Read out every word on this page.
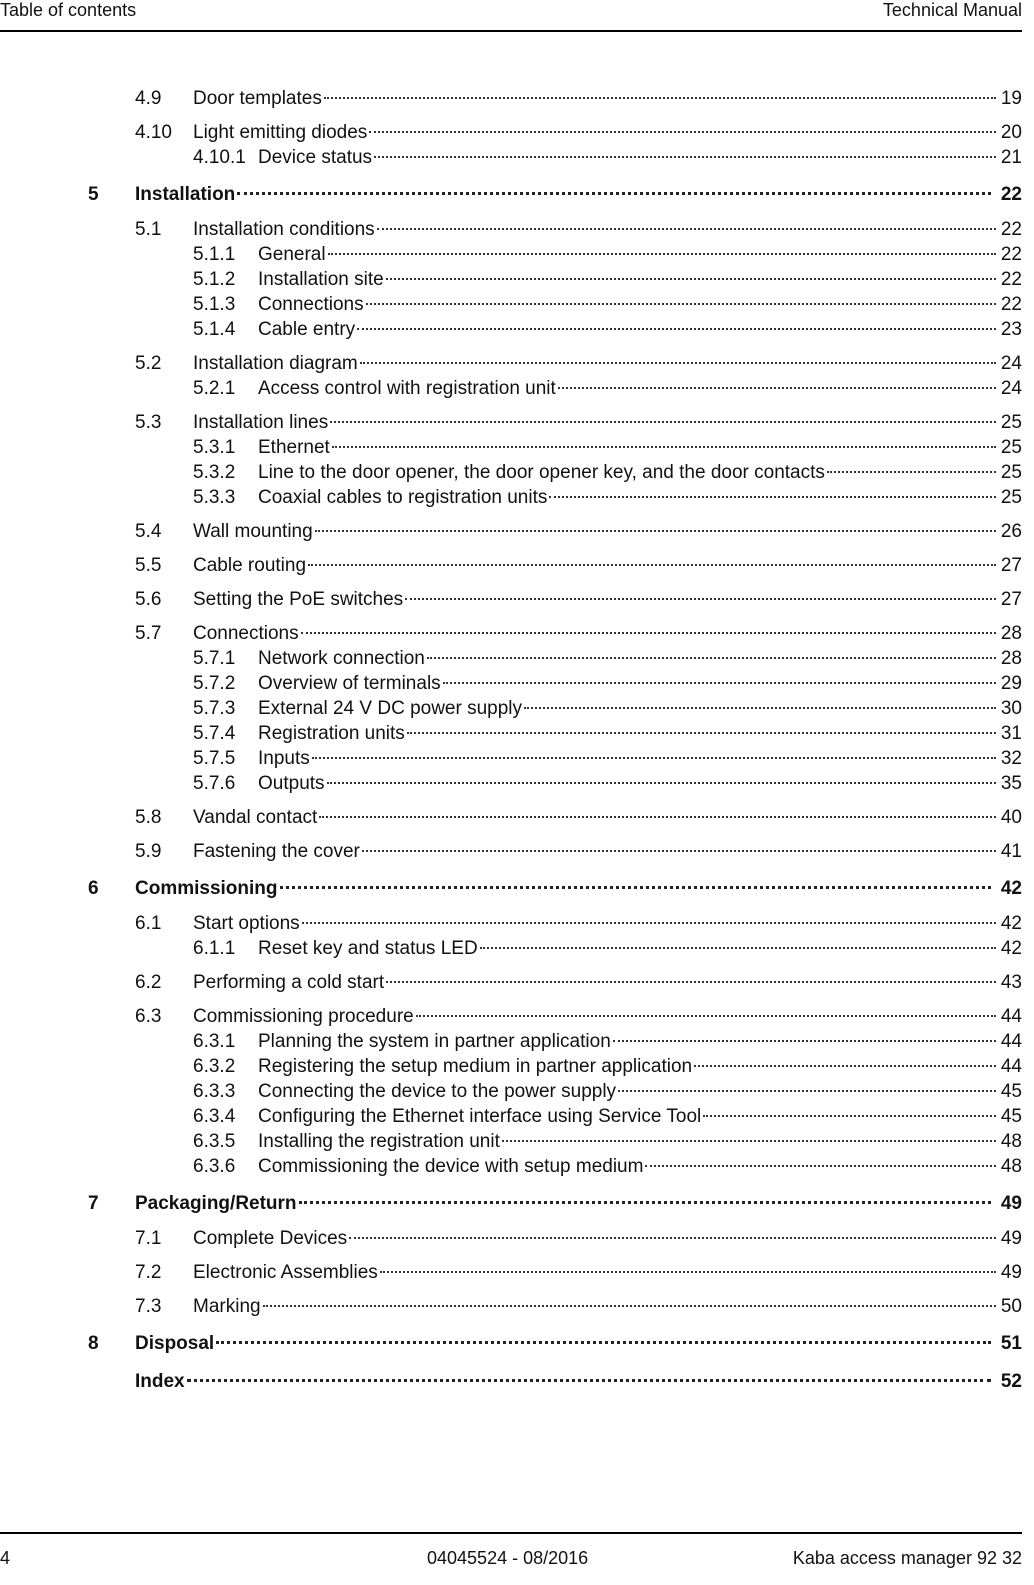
Table of contents	Technical Manual
4.9 Door templates	19
4.10 Light emitting diodes	20
4.10.1 Device status	21
5 Installation	22
5.1 Installation conditions	22
5.1.1 General	22
5.1.2 Installation site	22
5.1.3 Connections	22
5.1.4 Cable entry	23
5.2 Installation diagram	24
5.2.1 Access control with registration unit	24
5.3 Installation lines	25
5.3.1 Ethernet	25
5.3.2 Line to the door opener, the door opener key, and the door contacts	25
5.3.3 Coaxial cables to registration units	25
5.4 Wall mounting	26
5.5 Cable routing	27
5.6 Setting the PoE switches	27
5.7 Connections	28
5.7.1 Network connection	28
5.7.2 Overview of terminals	29
5.7.3 External 24 V DC power supply	30
5.7.4 Registration units	31
5.7.5 Inputs	32
5.7.6 Outputs	35
5.8 Vandal contact	40
5.9 Fastening the cover	41
6 Commissioning	42
6.1 Start options	42
6.1.1 Reset key and status LED	42
6.2 Performing a cold start	43
6.3 Commissioning procedure	44
6.3.1 Planning the system in partner application	44
6.3.2 Registering the setup medium in partner application	44
6.3.3 Connecting the device to the power supply	45
6.3.4 Configuring the Ethernet interface using Service Tool	45
6.3.5 Installing the registration unit	48
6.3.6 Commissioning the device with setup medium	48
7 Packaging/Return	49
7.1 Complete Devices	49
7.2 Electronic Assemblies	49
7.3 Marking	50
8 Disposal	51
Index	52
4	04045524 - 08/2016	Kaba access manager 92 32
